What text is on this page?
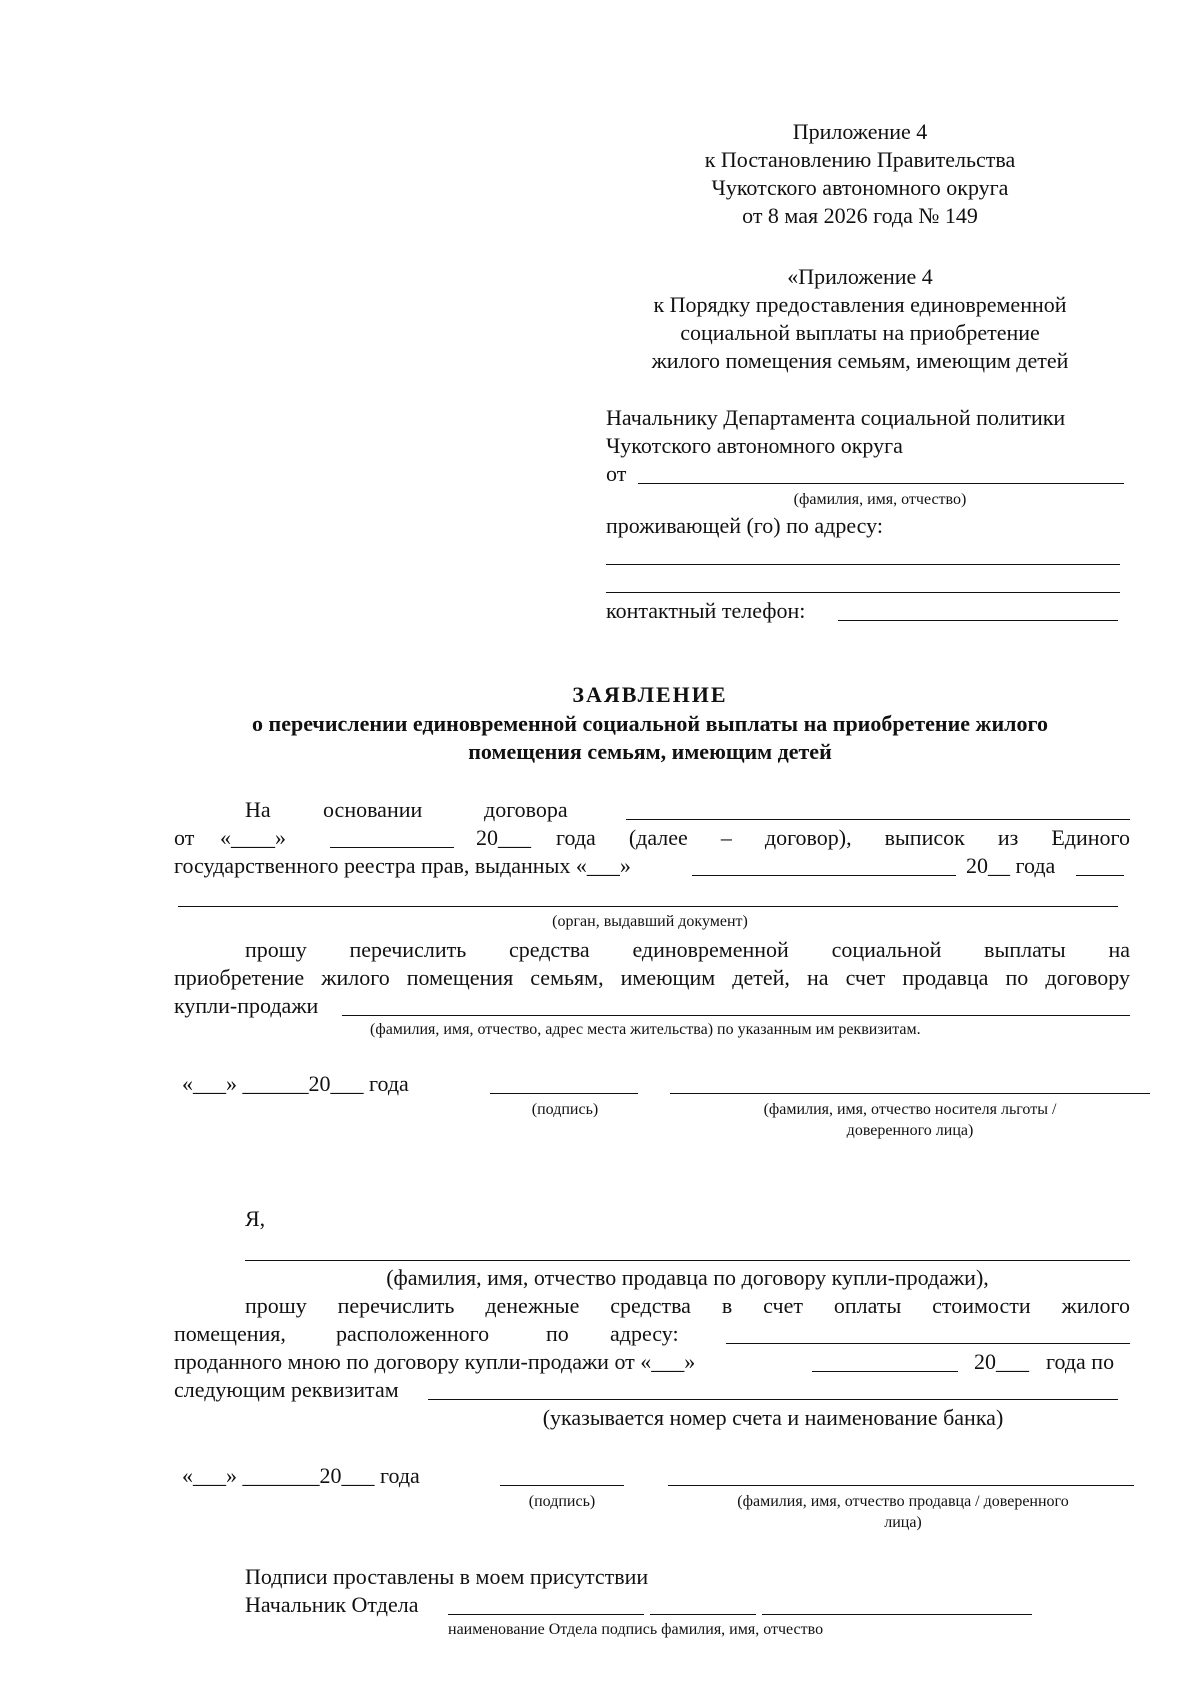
Приложение 4
к Постановлению Правительства
Чукотского автономного округа
от 8 мая 2026 года № 149
«Приложение 4
к Порядку предоставления единовременной
социальной выплаты на приобретение
жилого помещения семьям, имеющим детей
Начальнику Департамента социальной политики
Чукотского автономного округа
от
(фамилия, имя, отчество)
проживающей (го) по адресу:
контактный телефон:
ЗАЯВЛЕНИЕ
о перечислении единовременной социальной выплаты на приобретение жилого
помещения семьям, имеющим детей
На основании	договора
от «____»	20___ года (далее – договор), выписок из Единого
государственного реестра прав, выданных «___»	20__ года
(орган, выдавший документ)
прошу перечислить средства единовременной социальной выплаты на
приобретение жилого помещения семьям, имеющим детей, на счет продавца по договору
купли-продажи
(фамилия, имя, отчество, адрес места жительства) по указанным им реквизитам.
«___» ______20___ года
(подпись)	(фамилия, имя, отчество носителя льготы /
доверенного лица)
Я,
(фамилия, имя, отчество продавца по договору купли-продажи),
прошу перечислить денежные средства в счет оплаты стоимости жилого
помещения, расположенного	по адресу:
проданного мною по договору купли-продажи от «___»	20___ года по
следующим реквизитам
(указывается номер счета и наименование банка)
«___» _______20___ года
(подпись)	(фамилия, имя, отчество продавца / доверенного
лица)
Подписи проставлены в моем присутствии
Начальник Отдела
наименование Отдела подпись фамилия, имя, отчество
